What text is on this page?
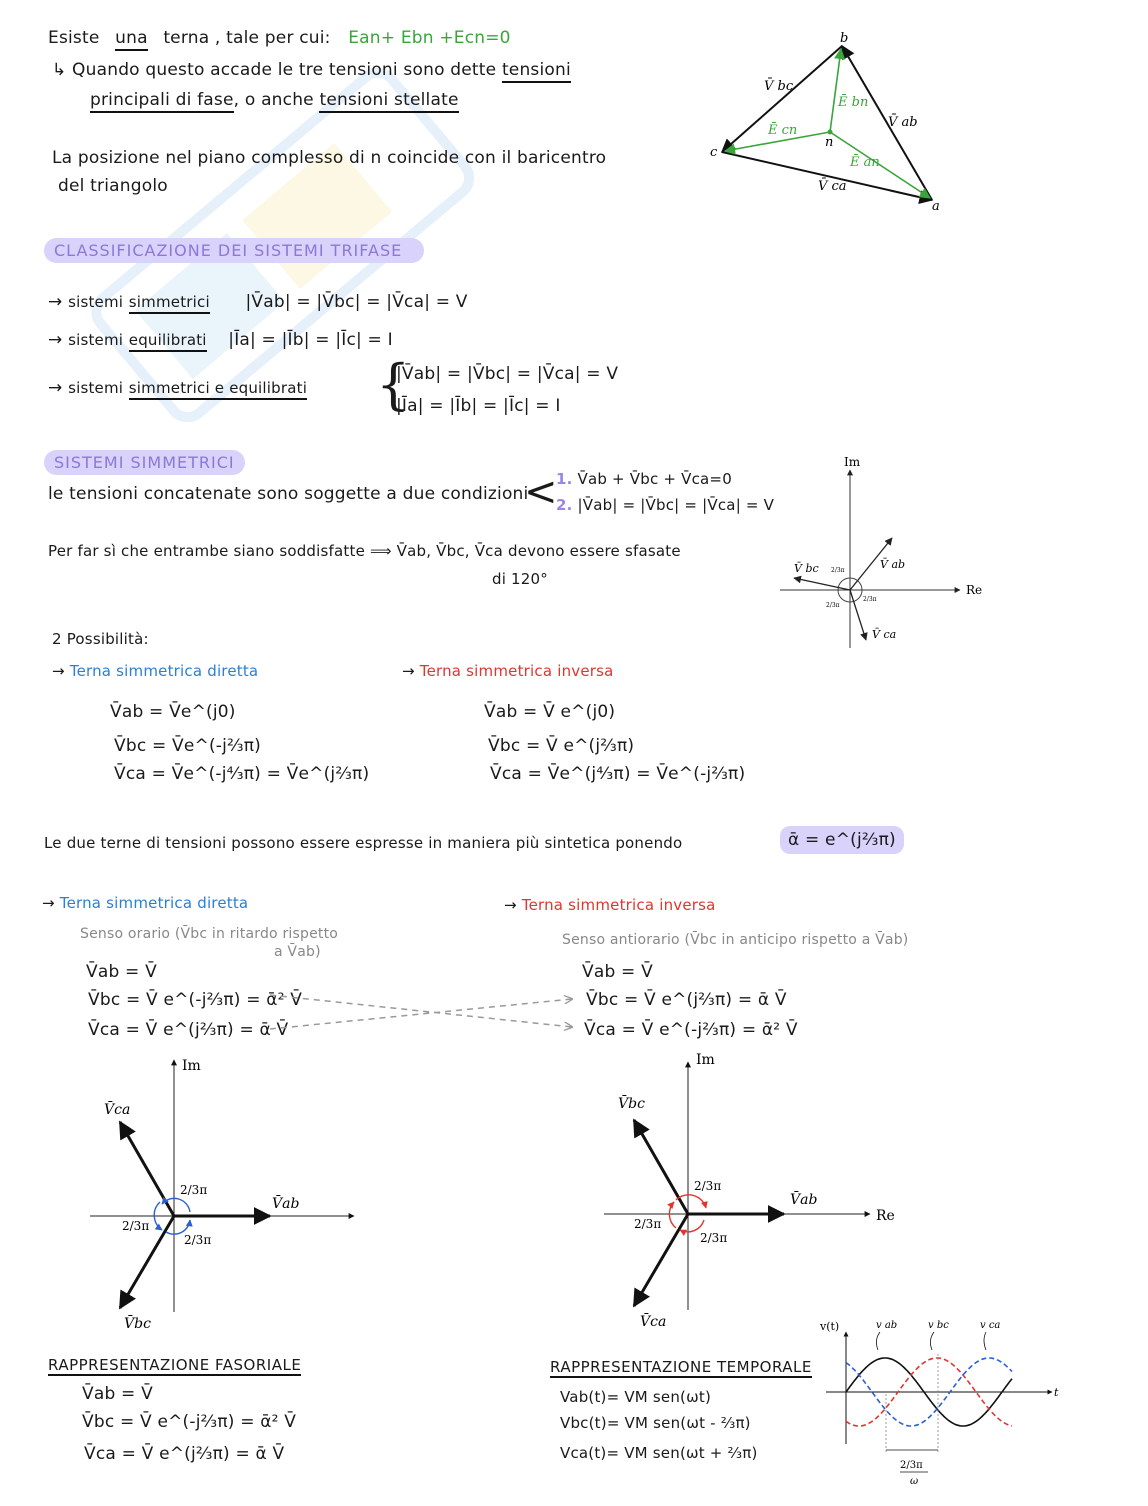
Esiste una terna , tale per cui: Ean+ Ebn +Ecn=0
↳ Quando questo accade le tre tensioni sono dette tensioni
principali di fase, o anche tensioni stellate
La posizione nel piano complesso di n coincide con il baricentro
del triangolo
a
b
c
n
V̄ ab
V̄ bc
V̄ ca
Ē an
Ē bn
Ē cn
CLASSIFICAZIONE DEI SISTEMI TRIFASE
→ sistemi simmetrici |V̄ab| = |V̄bc| = |V̄ca| = V
→ sistemi equilibrati |Īa| = |Īb| = |Īc| = I
→ sistemi simmetrici e equilibrati {
|V̄ab| = |V̄bc| = |V̄ca| = V
|Īa| = |Īb| = |Īc| = I
SISTEMI SIMMETRICI
le tensioni concatenate sono soggette a due condizioni
<
1. V̄ab + V̄bc + V̄ca=0
2. |V̄ab| = |V̄bc| = |V̄ca| = V
Per far sì che entrambe siano soddisfatte ⟹ V̄ab, V̄bc, V̄ca devono essere sfasate
di 120°
Im
Re
V̄ ab
V̄ bc
V̄ ca
2/3π
2/3π
2/3π
2 Possibilità:
→ Terna simmetrica diretta	→ Terna simmetrica inversa
V̄ab = V̄e^(j0)
V̄bc = V̄e^(-j⅔π)
V̄ca = V̄e^(-j⁴⁄₃π) = V̄e^(j⅔π)
V̄ab = V̄ e^(j0)
V̄bc = V̄ e^(j⅔π)
V̄ca = V̄e^(j⁴⁄₃π) = V̄e^(-j⅔π)
Le due terne di tensioni possono essere espresse in maniera più sintetica ponendo	ᾱ = e^(j⅔π)
→ Terna simmetrica diretta
Senso orario (V̄bc in ritardo rispetto
a V̄ab)
V̄ab = V̄
V̄bc = V̄ e^(-j⅔π) = ᾱ² V̄
V̄ca = V̄ e^(j⅔π) = ᾱ V̄
→ Terna simmetrica inversa
Senso antiorario (V̄bc in anticipo rispetto a V̄ab)
V̄ab = V̄
V̄bc = V̄ e^(j⅔π) = ᾱ V̄
V̄ca = V̄ e^(-j⅔π) = ᾱ² V̄
Im
V̄ca
V̄ab
V̄bc
2/3π
2/3π
2/3π
Im
Re
V̄bc
V̄ab
V̄ca
2/3π
2/3π
2/3π
RAPPRESENTAZIONE FASORIALE
V̄ab = V̄
V̄bc = V̄ e^(-j⅔π) = ᾱ² V̄
V̄ca = V̄ e^(j⅔π) = ᾱ V̄
RAPPRESENTAZIONE TEMPORALE
Vab(t)= VM sen(ωt)
Vbc(t)= VM sen(ωt - ⅔π)
Vca(t)= VM sen(ωt + ⅔π)
v(t)
t
v ab	v bc	v ca
2/3π
ω
